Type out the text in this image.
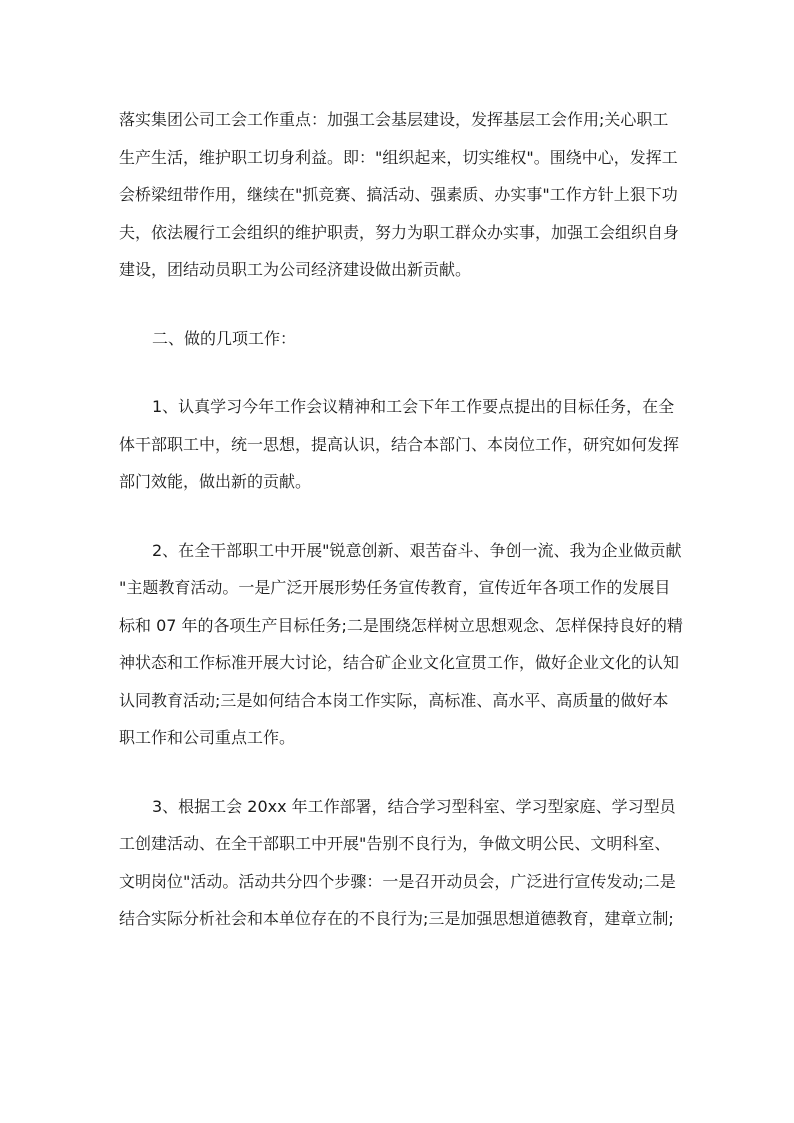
落实集团公司工会工作重点：加强工会基层建设，发挥基层工会作用;关心职工
生产生活，维护职工切身利益。即："组织起来，切实维权"。围绕中心，发挥工
会桥梁纽带作用，继续在"抓竞赛、搞活动、强素质、办实事"工作方针上狠下功
夫，依法履行工会组织的维护职责，努力为职工群众办实事，加强工会组织自身
建设，团结动员职工为公司经济建设做出新贡献。

二、做的几项工作：

1、认真学习今年工作会议精神和工会下年工作要点提出的目标任务，在全
体干部职工中，统一思想，提高认识，结合本部门、本岗位工作，研究如何发挥
部门效能，做出新的贡献。

2、在全干部职工中开展"锐意创新、艰苦奋斗、争创一流、我为企业做贡献
"主题教育活动。一是广泛开展形势任务宣传教育，宣传近年各项工作的发展目
标和 07 年的各项生产目标任务;二是围绕怎样树立思想观念、怎样保持良好的精
神状态和工作标准开展大讨论，结合矿企业文化宣贯工作，做好企业文化的认知
认同教育活动;三是如何结合本岗工作实际，高标准、高水平、高质量的做好本
职工作和公司重点工作。

3、根据工会 20xx 年工作部署，结合学习型科室、学习型家庭、学习型员
工创建活动、在全干部职工中开展"告别不良行为，争做文明公民、文明科室、
文明岗位"活动。活动共分四个步骤：一是召开动员会，广泛进行宣传发动;二是
结合实际分析社会和本单位存在的不良行为;三是加强思想道德教育，建章立制;
